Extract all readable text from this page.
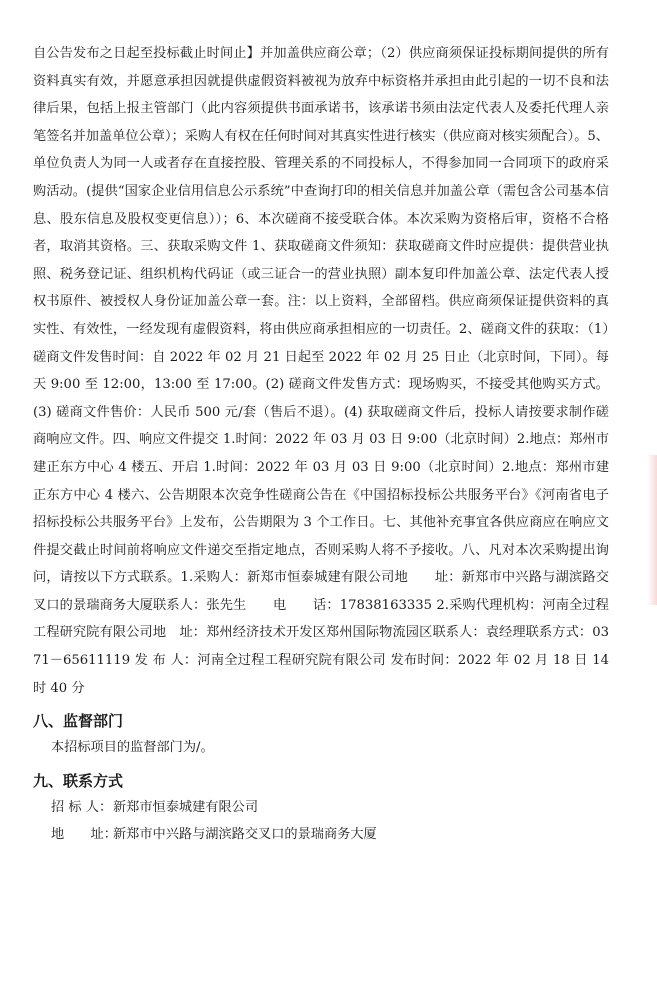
自公告发布之日起至投标截止时间止】并加盖供应商公章；（2）供应商须保证投标期间提供的所有资料真实有效，并愿意承担因就提供虚假资料被视为放弃中标资格并承担由此引起的一切不良和法律后果，包括上报主管部门（此内容须提供书面承诺书，该承诺书须由法定代表人及委托代理人亲笔签名并加盖单位公章）；采购人有权在任何时间对其真实性进行核实（供应商对核实须配合）。5、单位负责人为同一人或者存在直接控股、管理关系的不同投标人，不得参加同一合同项下的政府采购活动。(提供“国家企业信用信息公示系统”中查询打印的相关信息并加盖公章（需包含公司基本信息、股东信息及股权变更信息））；6、本次磋商不接受联合体。本次采购为资格后审，资格不合格者，取消其资格。三、获取采购文件 1、获取磋商文件须知：获取磋商文件时应提供：提供营业执照、税务登记证、组织机构代码证（或三证合一的营业执照）副本复印件加盖公章、法定代表人授权书原件、被授权人身份证加盖公章一套。注：以上资料，全部留档。供应商须保证提供资料的真实性、有效性，一经发现有虚假资料，将由供应商承担相应的一切责任。2、磋商文件的获取：（1）磋商文件发售时间：自 2022 年 02 月 21 日起至 2022 年 02 月 25 日止（北京时间，下同）。每天 9:00 至 12:00，13:00 至 17:00。(2) 磋商文件发售方式：现场购买，不接受其他购买方式。(3) 磋商文件售价：人民币 500 元/套（售后不退）。(4) 获取磋商文件后，投标人请按要求制作磋商响应文件。四、响应文件提交 1.时间：2022 年 03 月 03 日 9:00（北京时间）2.地点：郑州市建正东方中心 4 楼五、开启 1.时间：2022 年 03 月 03 日 9:00（北京时间）2.地点：郑州市建正东方中心 4 楼六、公告期限本次竞争性磋商公告在《中国招标投标公共服务平台》《河南省电子招标投标公共服务平台》上发布，公告期限为 3 个工作日。七、其他补充事宜各供应商应在响应文件提交截止时间前将响应文件递交至指定地点，否则采购人将不予接收。八、凡对本次采购提出询问，请按以下方式联系。1.采购人：新郑市恒泰城建有限公司地　　址：新郑市中兴路与湖滨路交叉口的景瑞商务大厦联系人：张先生　　电　　话：17838163335 2.采购代理机构：河南全过程工程研究院有限公司地　址：郑州经济技术开发区郑州国际物流园区联系人：袁经理联系方式：0371－65611119 发 布 人：河南全过程工程研究院有限公司 发布时间：2022 年 02 月 18 日 14 时 40 分

八、监督部门

本招标项目的监督部门为/。

九、联系方式

招 标 人：新郑市恒泰城建有限公司

地　　址：新郑市中兴路与湖滨路交叉口的景瑞商务大厦
